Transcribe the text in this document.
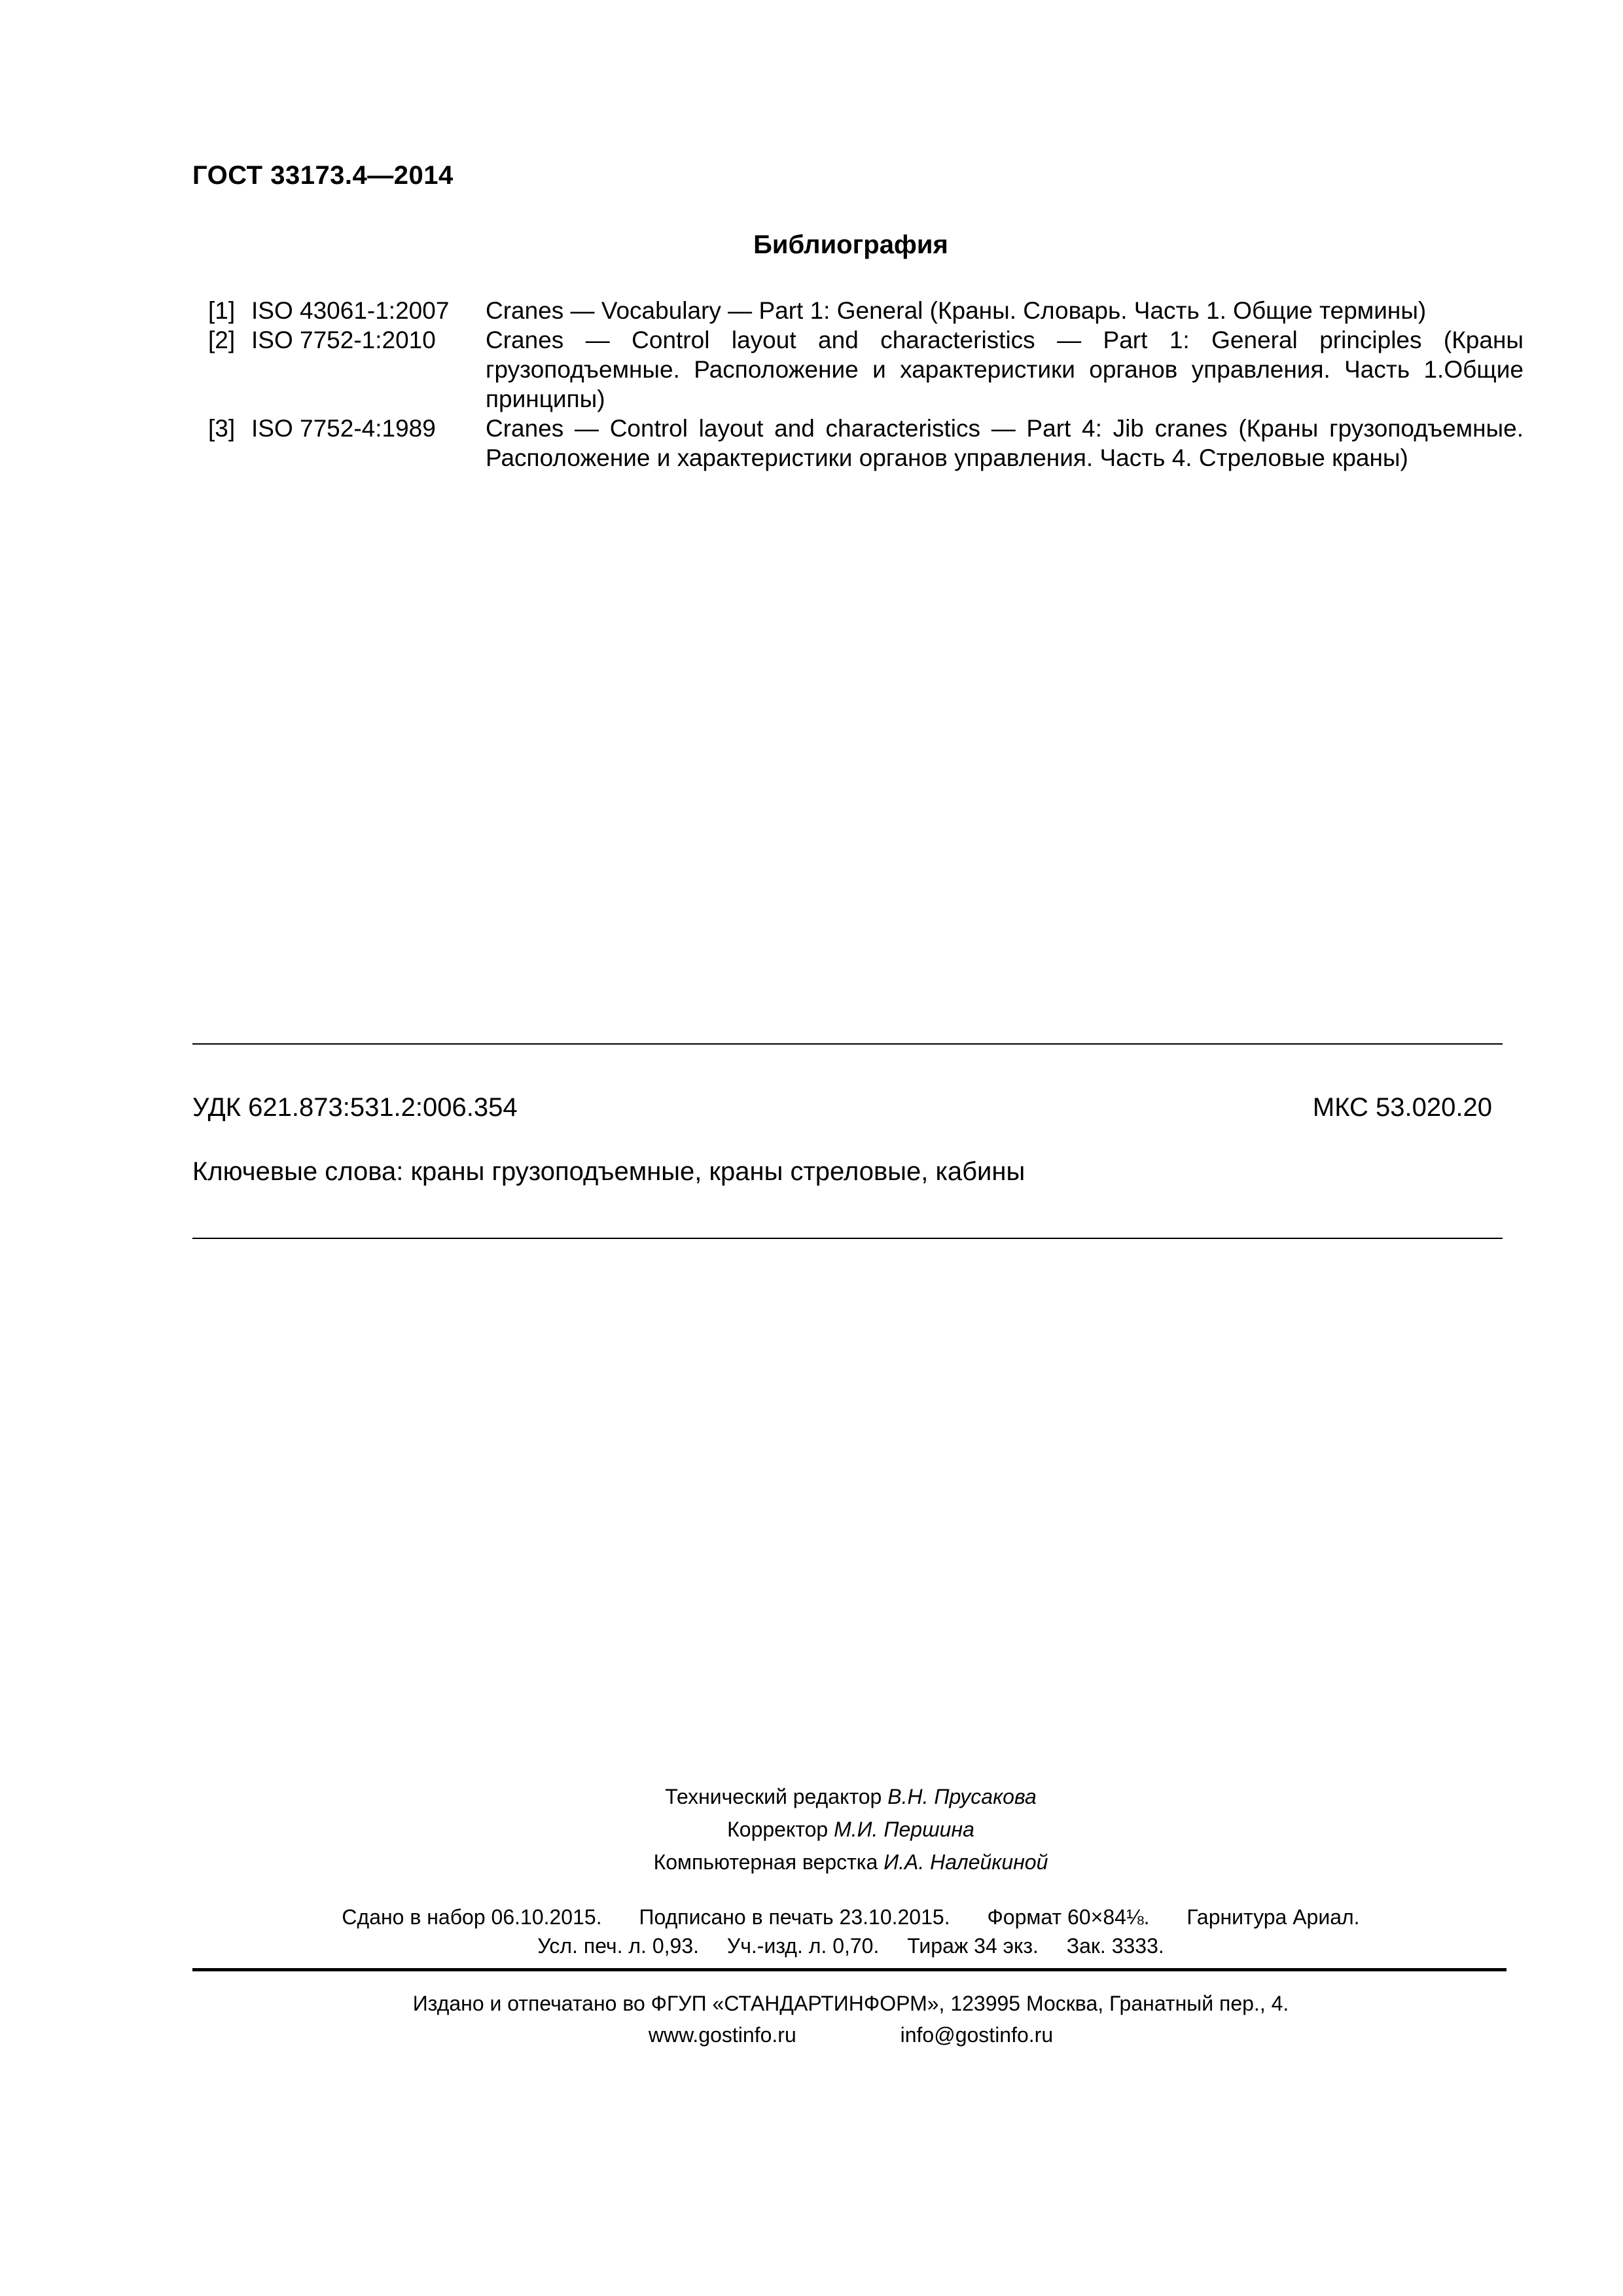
ГОСТ 33173.4—2014
Библиография
[1] ISO 43061-1:2007	Cranes — Vocabulary — Part 1: General (Краны. Словарь. Часть 1. Общие термины)
[2] ISO 7752-1:2010	Cranes — Control layout and characteristics — Part 1: General principles (Краны грузоподъемные. Расположение и характеристики органов управления. Часть 1.Общие принципы)
[3] ISO 7752-4:1989	Cranes — Control layout and characteristics — Part 4: Jib cranes (Краны грузоподъемные. Расположение и характеристики органов управления. Часть 4. Стреловые краны)
УДК 621.873:531.2:006.354	МКС 53.020.20
Ключевые слова: краны грузоподъемные, краны стреловые, кабины
Технический редактор В.Н. Прусакова
Корректор М.И. Першина
Компьютерная верстка И.А. Налейкиной
Сдано в набор 06.10.2015. Подписано в печать 23.10.2015. Формат 60×84⅛. Гарнитура Ариал.
Усл. печ. л. 0,93. Уч.-изд. л. 0,70. Тираж 34 экз. Зак. 3333.
Издано и отпечатано во ФГУП «СТАНДАРТИНФОРМ», 123995 Москва, Гранатный пер., 4.
www.gostinfo.ru	info@gostinfo.ru
